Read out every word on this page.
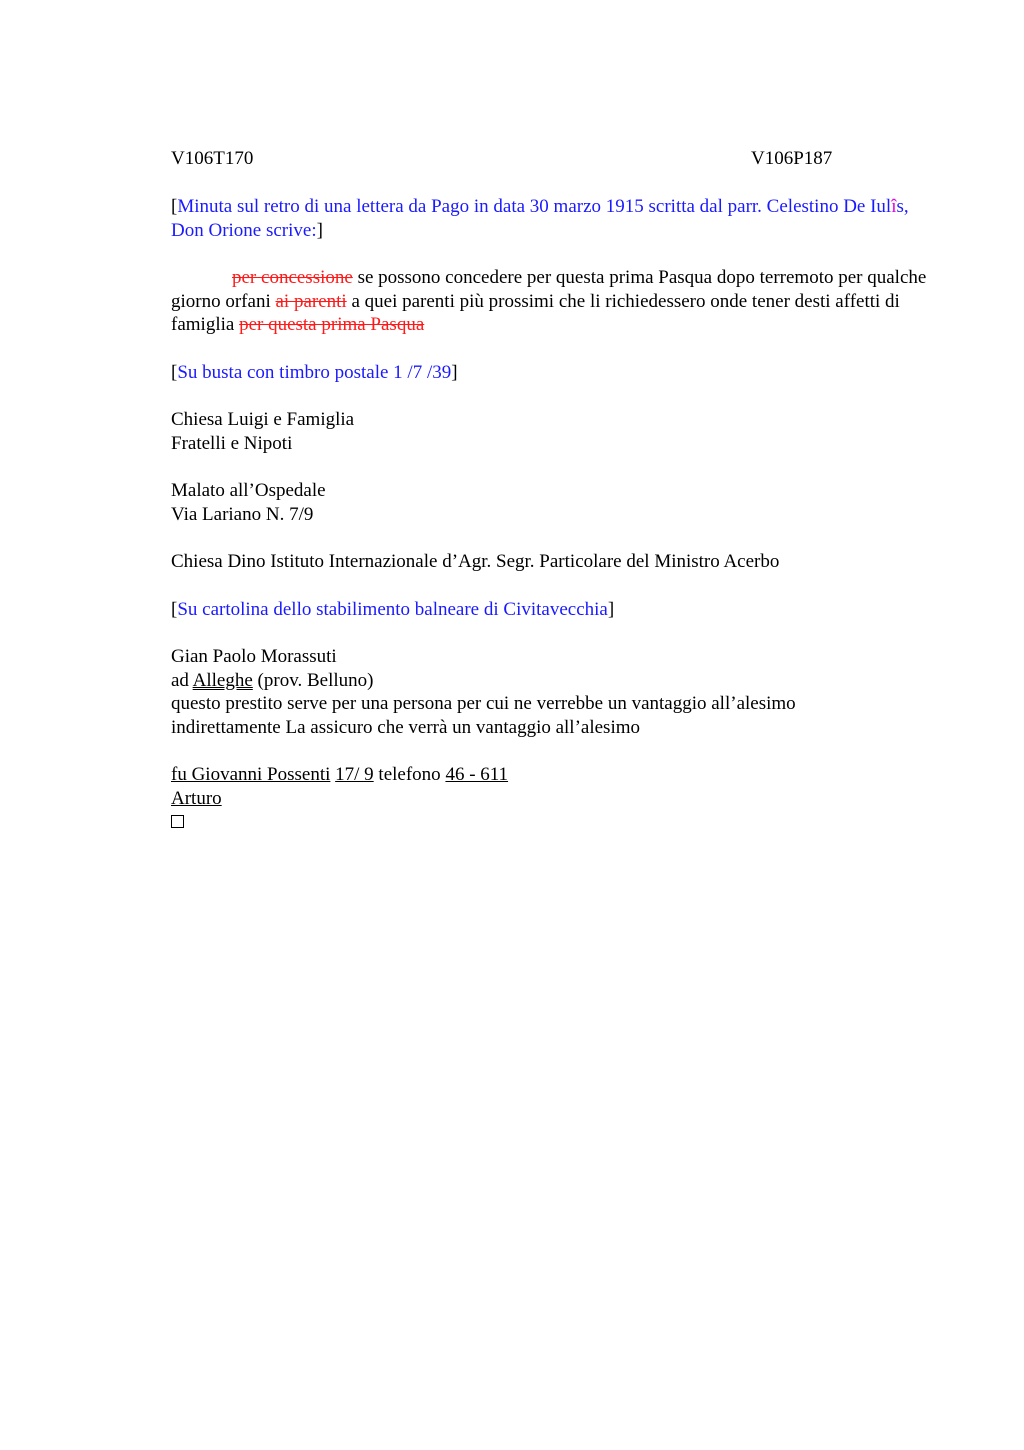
V106T170	V106P187

[Minuta sul retro di una lettera da Pago in data 30 marzo 1915 scritta dal parr. Celestino De Iulîs, Don Orione scrive:]

per concessione se possono concedere per questa prima Pasqua dopo terremoto per qualche giorno orfani ai parenti a quei parenti più prossimi che li richiedessero onde tener desti affetti di famiglia per questa prima Pasqua

[Su busta con timbro postale 1 /7 /39]

Chiesa Luigi e Famiglia

Fratelli e Nipoti

Malato all’Ospedale

Via Lariano N. 7/9

Chiesa Dino Istituto Internazionale d’Agr. Segr. Particolare del Ministro Acerbo

[Su cartolina dello stabilimento balneare di Civitavecchia]

Gian Paolo Morassuti

ad Alleghe (prov. Belluno)

questo prestito serve per una persona per cui ne verrebbe un vantaggio all’alesimo

indirettamente La assicuro che verrà un vantaggio all’alesimo

fu Giovanni Possenti 17/ 9 telefono 46 - 611

Arturo
